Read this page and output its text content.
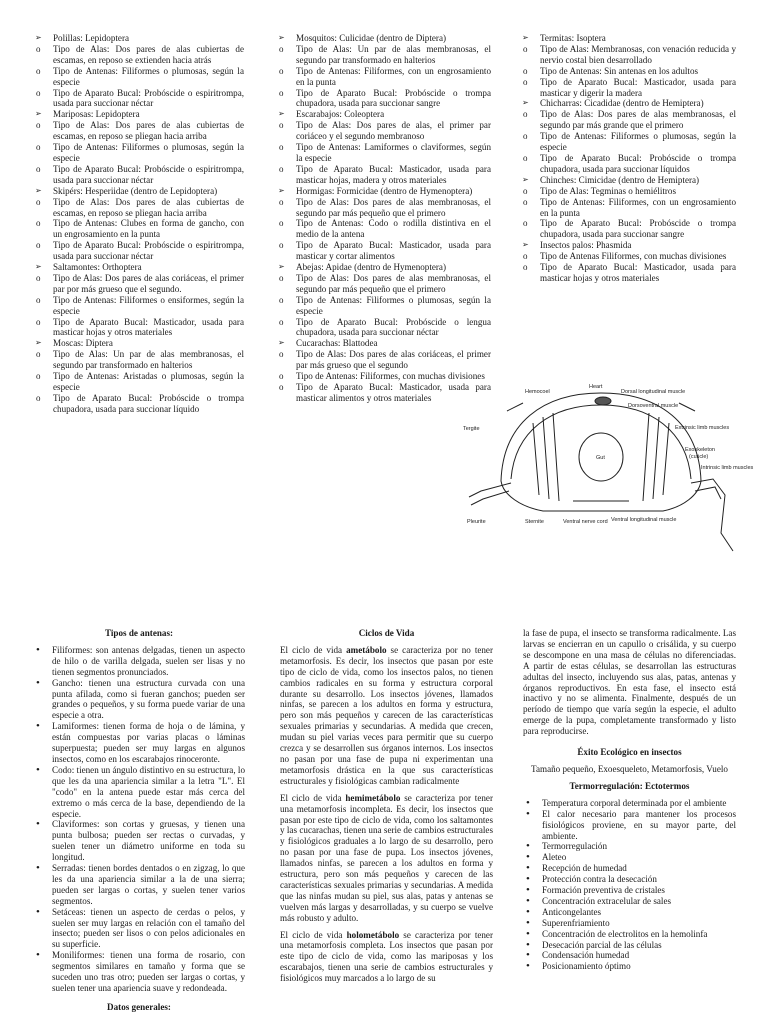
➢ Polillas: Lepidoptera
o Tipo de Alas: Dos pares de alas cubiertas de escamas, en reposo se extienden hacia atrás
o Tipo de Antenas: Filiformes o plumosas, según la especie
o Tipo de Aparato Bucal: Probóscide o espiritrompa, usada para succionar néctar
➢ Mariposas: Lepidoptera
o Tipo de Alas: Dos pares de alas cubiertas de escamas, en reposo se pliegan hacia arriba
o Tipo de Antenas: Filiformes o plumosas, según la especie
o Tipo de Aparato Bucal: Probóscide o espiritrompa, usada para succionar néctar
➢ Skipérs: Hesperiidae (dentro de Lepidoptera)
o Tipo de Alas: Dos pares de alas cubiertas de escamas, en reposo se pliegan hacia arriba
o Tipo de Antenas: Clubes en forma de gancho, con un engrosamiento en la punta
o Tipo de Aparato Bucal: Probóscide o espiritrompa, usada para succionar néctar
➢ Saltamontes: Orthoptera
o Tipo de Alas: Dos pares de alas coriáceas, el primer par por más grueso que el segundo.
o Tipo de Antenas: Filiformes o ensiformes, según la especie
o Tipo de Aparato Bucal: Masticador, usada para masticar hojas y otros materiales
➢ Moscas: Diptera
o Tipo de Alas: Un par de alas membranosas, el segundo par transformado en halterios
o Tipo de Antenas: Aristadas o plumosas, según la especie
o Tipo de Aparato Bucal: Probóscide o trompa chupadora, usada para succionar líquido
➢ Mosquitos: Culicidae (dentro de Diptera)
o Tipo de Alas: Un par de alas membranosas, el segundo par transformado en halterios
o Tipo de Antenas: Filiformes, con un engrosamiento en la punta
o Tipo de Aparato Bucal: Probóscide o trompa chupadora, usada para succionar sangre
➢ Escarabajos: Coleoptera
o Tipo de Alas: Dos pares de alas, el primer par coriáceo y el segundo membranoso
o Tipo de Antenas: Lamiformes o claviformes, según la especie
o Tipo de Aparato Bucal: Masticador, usada para masticar hojas, madera y otros materiales
➢ Hormigas: Formicidae (dentro de Hymenoptera)
o Tipo de Alas: Dos pares de alas membranosas, el segundo par más pequeño que el primero
o Tipo de Antenas: Codo o rodilla distintiva en el medio de la antena
o Tipo de Aparato Bucal: Masticador, usada para masticar y cortar alimentos
➢ Abejas: Apidae (dentro de Hymenoptera)
o Tipo de Alas: Dos pares de alas membranosas, el segundo par más pequeño que el primero
o Tipo de Antenas: Filiformes o plumosas, según la especie
o Tipo de Aparato Bucal: Probóscide o lengua chupadora, usada para succionar néctar
➢ Cucarachas: Blattodea
o Tipo de Alas: Dos pares de alas coriáceas, el primer par más grueso que el segundo
o Tipo de Antenas: Filiformes, con muchas divisiones
o Tipo de Aparato Bucal: Masticador, usada para masticar alimentos y otros materiales
➢ Termitas: Isoptera
o Tipo de Alas: Membranosas, con venación reducida y nervio costal bien desarrollado
o Tipo de Antenas: Sin antenas en los adultos
o Tipo de Aparato Bucal: Masticador, usada para masticar y digerir la madera
➢ Chicharras: Cicadidae (dentro de Hemiptera)
o Tipo de Alas: Dos pares de alas membranosas, el segundo par más grande que el primero
o Tipo de Antenas: Filiformes o plumosas, según la especie
o Tipo de Aparato Bucal: Probóscide o trompa chupadora, usada para succionar líquidos
➢ Chinches: Cimicidae (dentro de Hemiptera)
o Tipo de Alas: Tegminas o hemiélitros
o Tipo de Antenas: Filiformes, con un engrosamiento en la punta
o Tipo de Aparato Bucal: Probóscide o trompa chupadora, usada para succionar sangre
➢ Insectos palos: Phasmida
o Tipo de Antenas Filiformes, con muchas divisiones
o Tipo de Aparato Bucal: Masticador, usada para masticar hojas y otros materiales
Hemocoel
Heart
Dorsal longitudinal muscle
Dorsoventral muscle
Tergite
Gut
Extrinsic limb muscles
Exoskeleton
(cuticle)
Intrinsic limb muscles
Pleurite	Sternite	Ventral nerve cord Ventral longitudinal muscle
Tipos de antenas:
• Filiformes: son antenas delgadas, tienen un aspecto de hilo o de varilla delgada, suelen ser lisas y no tienen segmentos pronunciados.
• Gancho: tienen una estructura curvada con una punta afilada, como si fueran ganchos; pueden ser grandes o pequeños, y su forma puede variar de una especie a otra.
• Lamiformes: tienen forma de hoja o de lámina, y están compuestas por varias placas o láminas superpuesta; pueden ser muy largas en algunos insectos, como en los escarabajos rinoceronte.
• Codo: tienen un ángulo distintivo en su estructura, lo que les da una apariencia similar a la letra "L". El "codo" en la antena puede estar más cerca del extremo o más cerca de la base, dependiendo de la especie.
• Claviformes: son cortas y gruesas, y tienen una punta bulbosa; pueden ser rectas o curvadas, y suelen tener un diámetro uniforme en toda su longitud.
• Serradas: tienen bordes dentados o en zigzag, lo que les da una apariencia similar a la de una sierra; pueden ser largas o cortas, y suelen tener varios segmentos.
• Setáceas: tienen un aspecto de cerdas o pelos, y suelen ser muy largas en relación con el tamaño del insecto; pueden ser lisos o con pelos adicionales en su superficie.
• Moniliformes: tienen una forma de rosario, con segmentos similares en tamaño y forma que se suceden uno tras otro; pueden ser largas o cortas, y suelen tener una apariencia suave y redondeada.
Datos generales:
Ciclos de Vida

El ciclo de vida ametábolo se caracteriza por no tener metamorfosis. Es decir, los insectos que pasan por este tipo de ciclo de vida, como los insectos palos, no tienen cambios radicales en su forma y estructura corporal durante su desarrollo. Los insectos jóvenes, llamados ninfas, se parecen a los adultos en forma y estructura, pero son más pequeños y carecen de las características sexuales primarias y secundarias. A medida que crecen, mudan su piel varias veces para permitir que su cuerpo crezca y se desarrollen sus órganos internos. Los insectos no pasan por una fase de pupa ni experimentan una metamorfosis drástica en la que sus características estructurales y fisiológicas cambian radicalmente

El ciclo de vida hemimetábolo se caracteriza por tener una metamorfosis incompleta. Es decir, los insectos que pasan por este tipo de ciclo de vida, como los saltamontes y las cucarachas, tienen una serie de cambios estructurales y fisiológicos graduales a lo largo de su desarrollo, pero no pasan por una fase de pupa. Los insectos jóvenes, llamados ninfas, se parecen a los adultos en forma y estructura, pero son más pequeños y carecen de las características sexuales primarias y secundarias. A medida que las ninfas mudan su piel, sus alas, patas y antenas se vuelven más largas y desarrolladas, y su cuerpo se vuelve más robusto y adulto.

El ciclo de vida holometábolo se caracteriza por tener una metamorfosis completa. Los insectos que pasan por este tipo de ciclo de vida, como las mariposas y los escarabajos, tienen una serie de cambios estructurales y fisiológicos muy marcados a lo largo de su

la fase de pupa, el insecto se transforma radicalmente. Las larvas se encierran en un capullo o crisálida, y su cuerpo se descompone en una masa de células no diferenciadas. A partir de estas células, se desarrollan las estructuras adultas del insecto, incluyendo sus alas, patas, antenas y órganos reproductivos. En esta fase, el insecto está inactivo y no se alimenta. Finalmente, después de un período de tiempo que varía según la especie, el adulto emerge de la pupa, completamente transformado y listo para reproducirse.

Éxito Ecológico en insectos

Tamaño pequeño, Exoesqueleto, Metamorfosis, Vuelo

Termorregulación: Ectotermos
• Temperatura corporal determinada por el ambiente
• El calor necesario para mantener los procesos fisiológicos proviene, en su mayor parte, del ambiente.
• Termorregulación
• Aleteo
• Recepción de humedad
• Protección contra la desecación
• Formación preventiva de cristales
• Concentración extracelular de sales
• Anticongelantes
• Superenfriamiento
• Concentración de electrolitos en la hemolinfa
• Desecación parcial de las células
• Condensación humedad
• Posicionamiento óptimo
